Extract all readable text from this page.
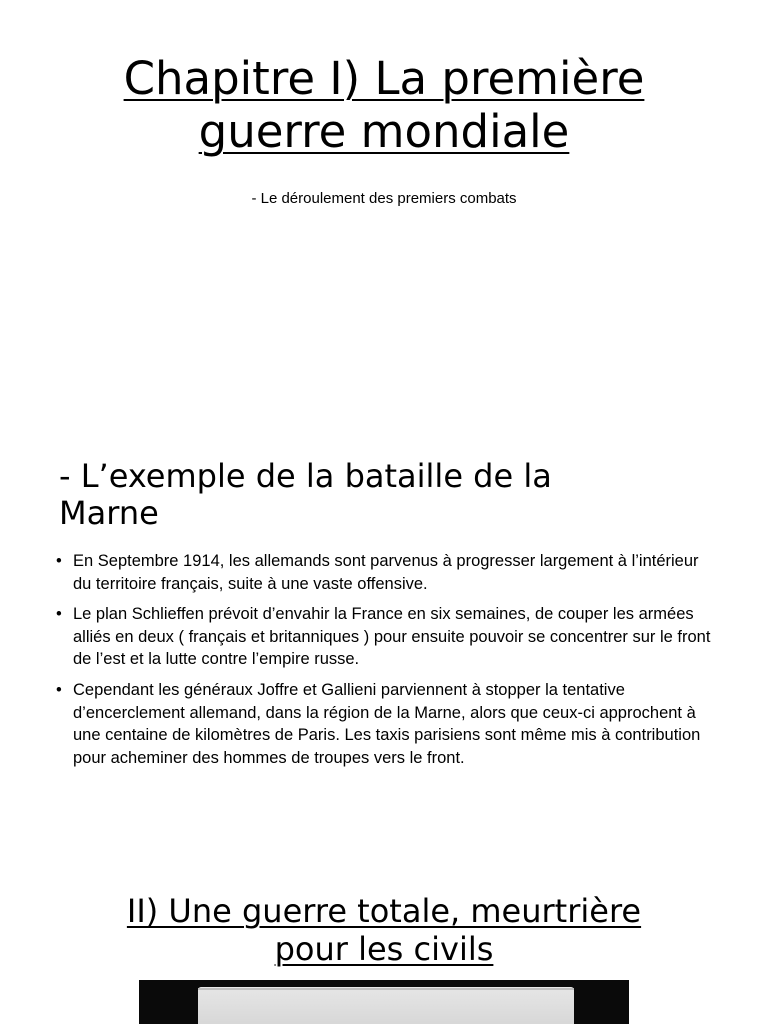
Chapitre I) La première
guerre mondiale

- Le déroulement des premiers combats

- L’exemple de la bataille de la
Marne
• En Septembre 1914, les allemands sont parvenus à progresser largement à l’intérieur du territoire français, suite à une vaste offensive.
• Le plan Schlieffen prévoit d’envahir la France en six semaines, de couper les armées alliés en deux ( français et britanniques ) pour ensuite pouvoir se concentrer sur le front de l’est et la lutte contre l’empire russe.
• Cependant les généraux Joffre et Gallieni parviennent à stopper la tentative d’encerclement allemand, dans la région de la Marne, alors que ceux-ci approchent à une centaine de kilomètres de Paris. Les taxis parisiens sont même mis à contribution pour acheminer des hommes de troupes vers le front.
II) Une guerre totale, meurtrière
pour les civils
